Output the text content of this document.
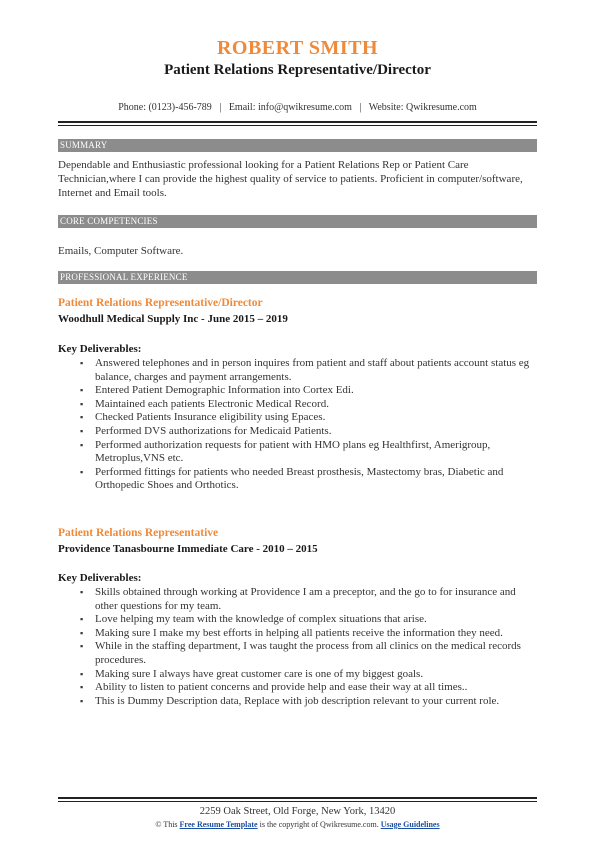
ROBERT SMITH
Patient Relations Representative/Director
Phone: (0123)-456-789 | Email: info@qwikresume.com | Website: Qwikresume.com
SUMMARY
Dependable and Enthusiastic professional looking for a Patient Relations Rep or Patient Care Technician,where I can provide the highest quality of service to patients. Proficient in computer/software, Internet and Email tools.
CORE COMPETENCIES
Emails, Computer Software.
PROFESSIONAL EXPERIENCE
Patient Relations Representative/Director
Woodhull Medical Supply Inc - June 2015 – 2019
Key Deliverables:
▪ Answered telephones and in person inquires from patient and staff about patients account status eg balance, charges and payment arrangements.
▪ Entered Patient Demographic Information into Cortex Edi.
▪ Maintained each patients Electronic Medical Record.
▪ Checked Patients Insurance eligibility using Epaces.
▪ Performed DVS authorizations for Medicaid Patients.
▪ Performed authorization requests for patient with HMO plans eg Healthfirst, Amerigroup, Metroplus,VNS etc.
▪ Performed fittings for patients who needed Breast prosthesis, Mastectomy bras, Diabetic and Orthopedic Shoes and Orthotics.
Patient Relations Representative
Providence Tanasbourne Immediate Care - 2010 – 2015
Key Deliverables:
▪ Skills obtained through working at Providence I am a preceptor, and the go to for insurance and other questions for my team.
▪ Love helping my team with the knowledge of complex situations that arise.
▪ Making sure I make my best efforts in helping all patients receive the information they need.
▪ While in the staffing department, I was taught the process from all clinics on the medical records procedures.
▪ Making sure I always have great customer care is one of my biggest goals.
▪ Ability to listen to patient concerns and provide help and ease their way at all times..
▪ This is Dummy Description data, Replace with job description relevant to your current role.
2259 Oak Street, Old Forge, New York, 13420
© This Free Resume Template is the copyright of Qwikresume.com. Usage Guidelines
